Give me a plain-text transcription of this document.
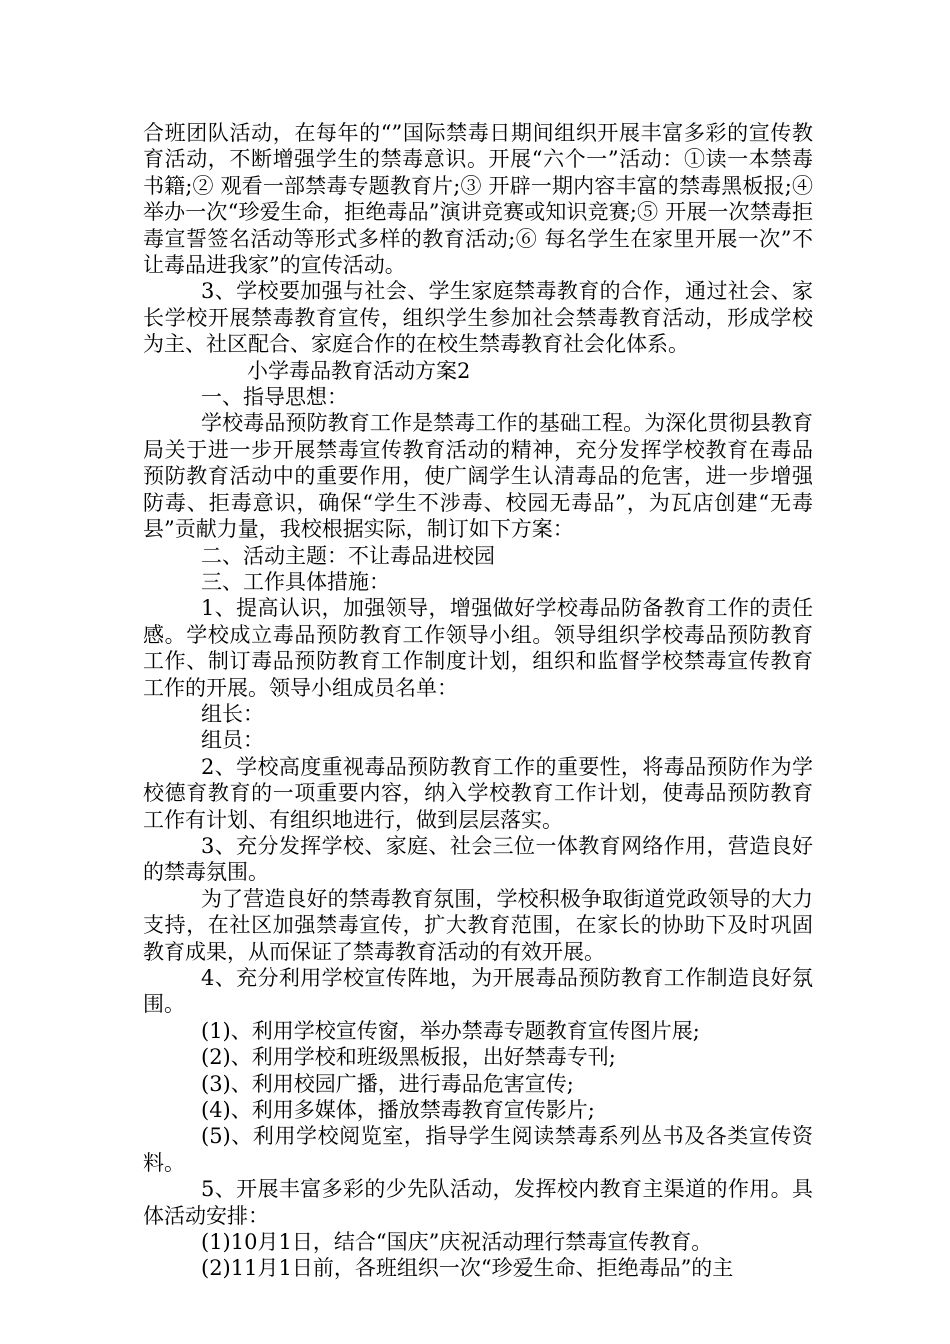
合班团队活动，在每年的“”国际禁毒日期间组织开展丰富多彩的宣传教育活动，不断增强学生的禁毒意识。开展“六个一”活动：①读一本禁毒书籍;② 观看一部禁毒专题教育片;③ 开辟一期内容丰富的禁毒黑板报;④ 举办一次“珍爱生命，拒绝毒品”演讲竞赛或知识竞赛;⑤ 开展一次禁毒拒毒宣誓签名活动等形式多样的教育活动;⑥ 每名学生在家里开展一次”不让毒品进我家”的宣传活动。

3、学校要加强与社会、学生家庭禁毒教育的合作，通过社会、家长学校开展禁毒教育宣传，组织学生参加社会禁毒教育活动，形成学校为主、社区配合、家庭合作的在校生禁毒教育社会化体系。

小学毒品教育活动方案2

一、指导思想：

学校毒品预防教育工作是禁毒工作的基础工程。为深化贯彻县教育局关于进一步开展禁毒宣传教育活动的精神，充分发挥学校教育在毒品预防教育活动中的重要作用，使广阔学生认清毒品的危害，进一步增强防毒、拒毒意识，确保“学生不涉毒、校园无毒品”，为瓦店创建“无毒县”贡献力量，我校根据实际，制订如下方案：

二、活动主题：不让毒品进校园

三、工作具体措施：

1、提高认识，加强领导，增强做好学校毒品防备教育工作的责任感。学校成立毒品预防教育工作领导小组。领导组织学校毒品预防教育工作、制订毒品预防教育工作制度计划，组织和监督学校禁毒宣传教育工作的开展。领导小组成员名单：

组长：

组员：

2、学校高度重视毒品预防教育工作的重要性，将毒品预防作为学校德育教育的一项重要内容，纳入学校教育工作计划，使毒品预防教育工作有计划、有组织地进行，做到层层落实。

3、充分发挥学校、家庭、社会三位一体教育网络作用，营造良好的禁毒氛围。

为了营造良好的禁毒教育氛围，学校积极争取街道党政领导的大力支持，在社区加强禁毒宣传，扩大教育范围，在家长的协助下及时巩固教育成果，从而保证了禁毒教育活动的有效开展。

4、充分利用学校宣传阵地，为开展毒品预防教育工作制造良好氛围。

(1)、利用学校宣传窗，举办禁毒专题教育宣传图片展;

(2)、利用学校和班级黑板报，出好禁毒专刊;

(3)、利用校园广播，进行毒品危害宣传;

(4)、利用多媒体，播放禁毒教育宣传影片;

(5)、利用学校阅览室，指导学生阅读禁毒系列丛书及各类宣传资料。

5、开展丰富多彩的少先队活动，发挥校内教育主渠道的作用。具体活动安排：

(1)10月1日，结合“国庆”庆祝活动理行禁毒宣传教育。

(2)11月1日前，各班组织一次“珍爱生命、拒绝毒品”的主
